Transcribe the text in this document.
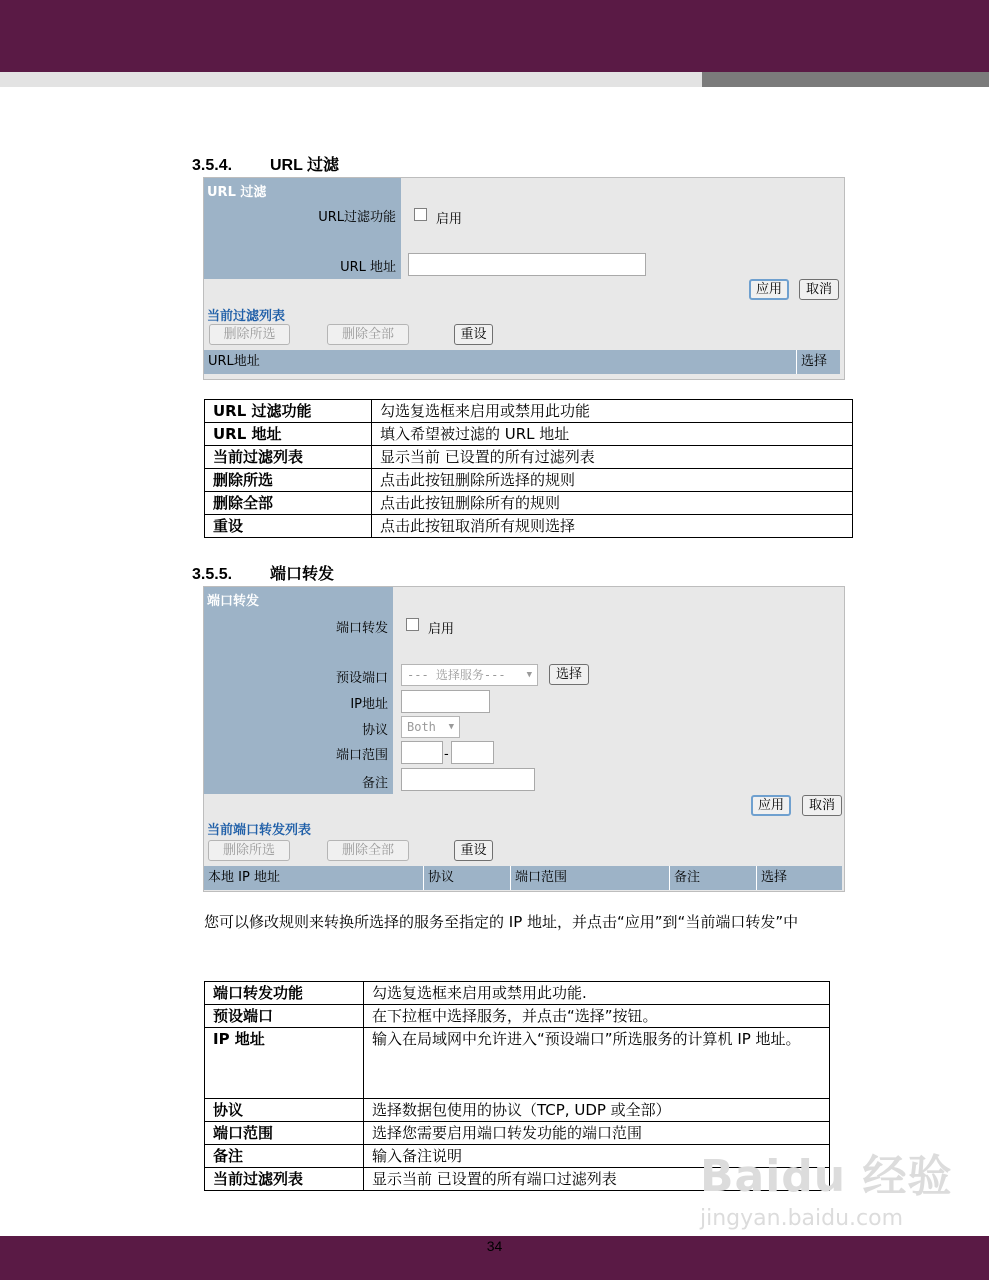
3.5.4. URL 过滤
URL 过滤
URL过滤功能	启用
URL 地址
应用	取消
当前过滤列表
删除所选	删除全部	重设
URL地址	选择
URL 过滤功能	勾选复选框来启用或禁用此功能
URL 地址	填入希望被过滤的 URL 地址
当前过滤列表	显示当前 已设置的所有过滤列表
删除所选	点击此按钮删除所选择的规则
删除全部	点击此按钮删除所有的规则
重设	点击此按钮取消所有规则选择
3.5.5. 端口转发
端口转发
端口转发	启用
预设端口	--- 选择服务--- ▼	选择
IP地址
协议	Both ▼
端口范围	-
备注
应用	取消
当前端口转发列表
删除所选	删除全部	重设
本地 IP 地址	协议	端口范围	备注	选择
您可以修改规则来转换所选择的服务至指定的 IP 地址，并点击“应用”到“当前端口转发”中
端口转发功能	勾选复选框来启用或禁用此功能.
预设端口	在下拉框中选择服务，并点击“选择”按钮。
IP 地址	输入在局域网中允许进入“预设端口”所选服务的计算机 IP 地址。
协议	选择数据包使用的协议（TCP, UDP 或全部）
端口范围	选择您需要启用端口转发功能的端口范围
备注	输入备注说明
当前过滤列表	显示当前 已设置的所有端口过滤列表 Baidu 经验
jingyan.baidu.com
34
